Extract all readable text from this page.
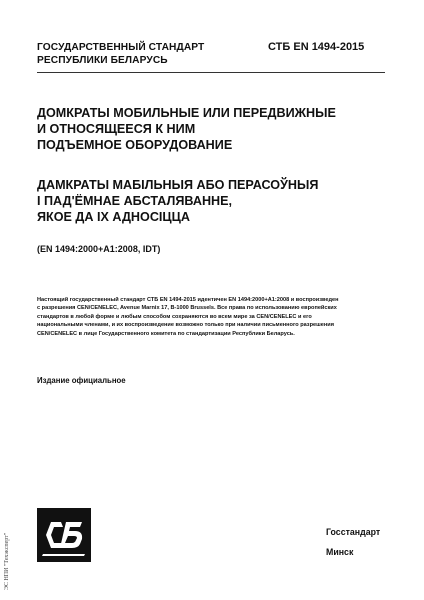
ГОСУДАРСТВЕННЫЙ СТАНДАРТ
РЕСПУБЛИКИ БЕЛАРУСЬ
СТБ EN 1494-2015
ДОМКРАТЫ МОБИЛЬНЫЕ ИЛИ ПЕРЕДВИЖНЫЕ
И ОТНОСЯЩЕЕСЯ К НИМ
ПОДЪЕМНОЕ ОБОРУДОВАНИЕ
ДАМКРАТЫ МАБІЛЬНЫЯ АБО ПЕРАСОЎНЫЯ
І ПАД'ЁМНАЕ АБСТАЛЯВАННЕ,
ЯКОЕ ДА ІХ АДНОСІЦЦА
(EN 1494:2000+A1:2008, IDT)
Настоящий государственный стандарт СТБ EN 1494-2015 идентичен EN 1494:2000+A1:2008 и воспроизведен
с разрешения CEN/CENELEC, Avenue Marnix 17, B-1000 Brussels. Все права по использованию европейских
стандартов в любой форме и любым способом сохраняются во всем мире за CEN/CENELEC и его
национальными членами, и их воспроизведение возможно только при наличии письменного разрешения
CEN/CENELEC в лице Государственного комитета по стандартизации Республики Беларусь.
Издание официальное
Госстандарт
Минск
ЭС НПИ "Техэксперт"
